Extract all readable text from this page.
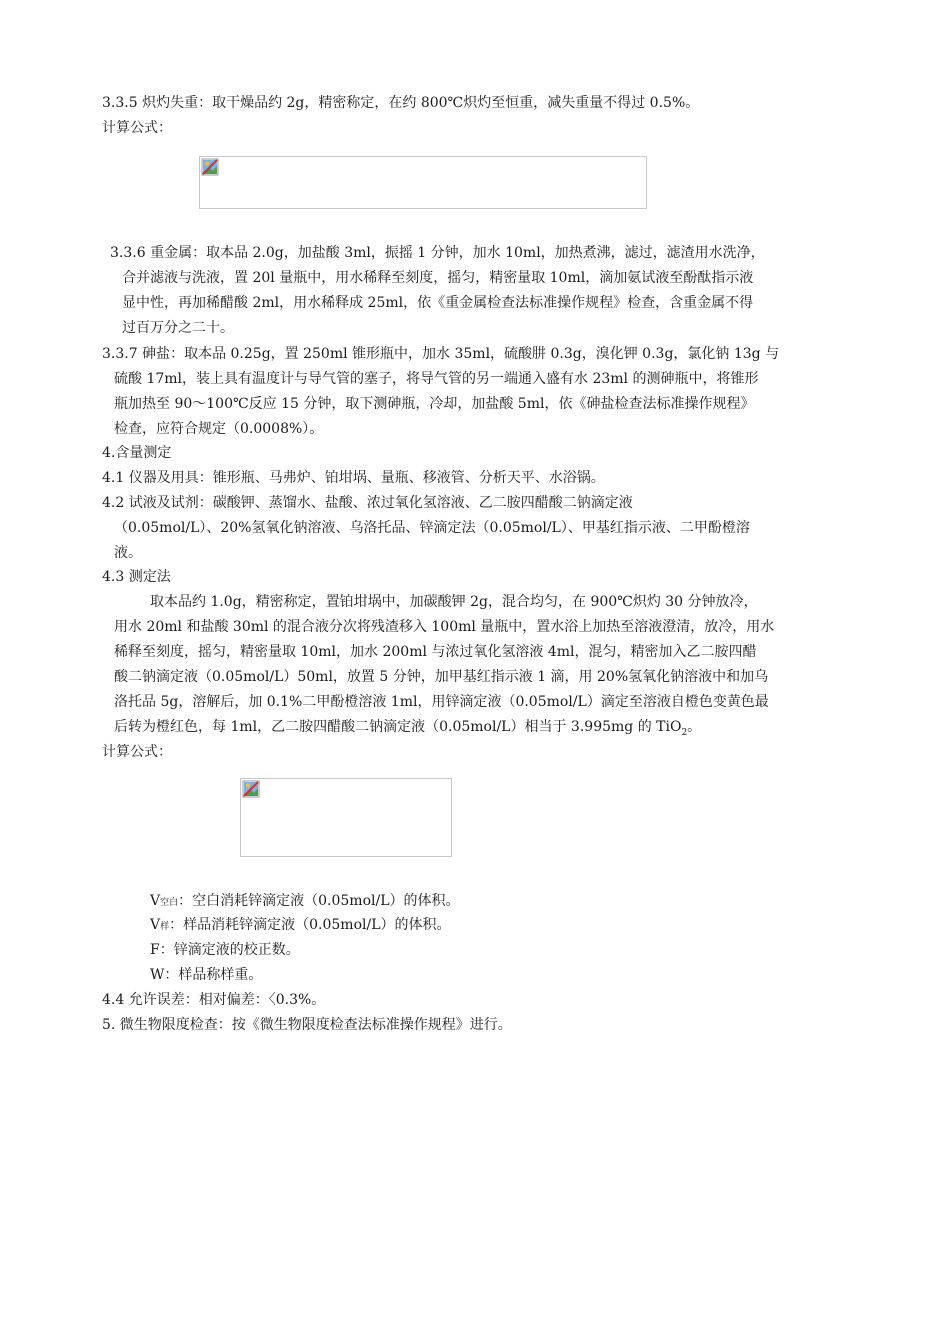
3.3.5 炽灼失重：取干燥品约 2g，精密称定，在约 800℃炽灼至恒重，减失重量不得过 0.5%。
计算公式：
3.3.6 重金属：取本品 2.0g，加盐酸 3ml，振摇 1 分钟，加水 10ml，加热煮沸，滤过，滤渣用水洗净，
合并滤液与洗液，置 20l 量瓶中，用水稀释至刻度，摇匀，精密量取 10ml，滴加氨试液至酚酞指示液
显中性，再加稀醋酸 2ml，用水稀释成 25ml，依《重金属检查法标准操作规程》检查，含重金属不得
过百万分之二十。
3.3.7 砷盐：取本品 0.25g，置 250ml 锥形瓶中，加水 35ml，硫酸肼 0.3g，溴化钾 0.3g，氯化钠 13g 与
硫酸 17ml，装上具有温度计与导气管的塞子，将导气管的另一端通入盛有水 23ml 的测砷瓶中，将锥形
瓶加热至 90～100℃反应 15 分钟，取下测砷瓶，冷却，加盐酸 5ml，依《砷盐检查法标准操作规程》
检查，应符合规定（0.0008%）。
4.含量测定
4.1 仪器及用具：锥形瓶、马弗炉、铂坩埚、量瓶、移液管、分析天平、水浴锅。
4.2 试液及试剂：碳酸钾、蒸馏水、盐酸、浓过氧化氢溶液、乙二胺四醋酸二钠滴定液
（0.05mol/L）、20%氢氧化钠溶液、乌洛托品、锌滴定法（0.05mol/L）、甲基红指示液、二甲酚橙溶
液。
4.3 测定法
取本品约 1.0g，精密称定，置铂坩埚中，加碳酸钾 2g，混合均匀，在 900℃炽灼 30 分钟放冷，
用水 20ml 和盐酸 30ml 的混合液分次将残渣移入 100ml 量瓶中，置水浴上加热至溶液澄清，放冷，用水
稀释至刻度，摇匀，精密量取 10ml，加水 200ml 与浓过氧化氢溶液 4ml，混匀，精密加入乙二胺四醋
酸二钠滴定液（0.05mol/L）50ml，放置 5 分钟，加甲基红指示液 1 滴，用 20%氢氧化钠溶液中和加乌
洛托品 5g，溶解后，加 0.1%二甲酚橙溶液 1ml，用锌滴定液（0.05mol/L）滴定至溶液自橙色变黄色最
后转为橙红色，每 1ml，乙二胺四醋酸二钠滴定液（0.05mol/L）相当于 3.995mg 的 TiO$_2$。
计算公式：
V空白：空白消耗锌滴定液（0.05mol/L）的体积。
V样：样品消耗锌滴定液（0.05mol/L）的体积。
F：锌滴定液的校正数。
W：样品称样重。
4.4 允许误差：相对偏差：〈0.3%。
5. 微生物限度检查：按《微生物限度检查法标准操作规程》进行。
